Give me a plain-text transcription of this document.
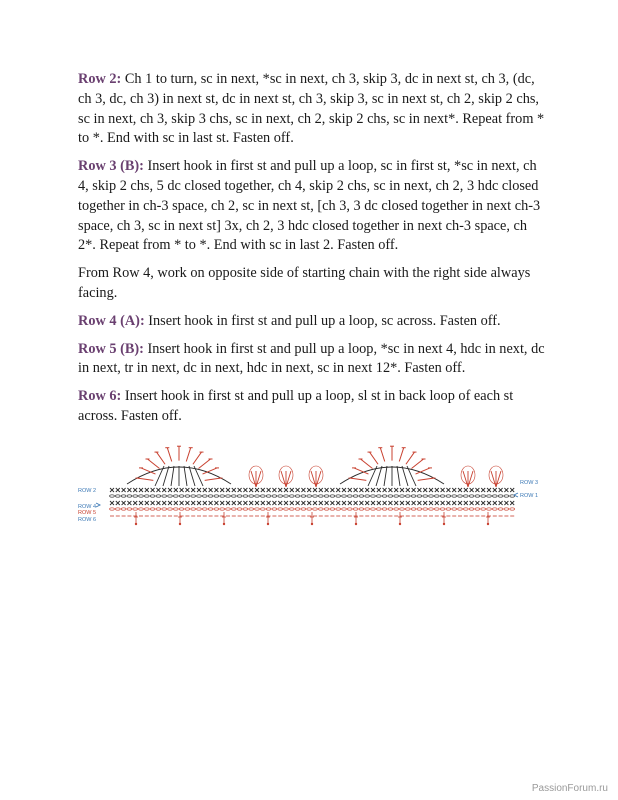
Row 2: Ch 1 to turn, sc in next, *sc in next, ch 3, skip 3, dc in next st, ch 3, (dc, ch 3, dc, ch 3) in next st, dc in next st, ch 3, skip 3, sc in next st, ch 2, skip 2 chs, sc in next, ch 3, skip 3 chs, sc in next, ch 2, skip 2 chs, sc in next*. Repeat from * to *. End with sc in last st. Fasten off.

Row 3 (B): Insert hook in first st and pull up a loop, sc in first st, *sc in next, ch 4, skip 2 chs, 5 dc closed together, ch 4, skip 2 chs, sc in next, ch 2, 3 hdc closed together in ch-3 space, ch 2, sc in next st, [ch 3, 3 dc closed together in next ch-3 space, ch 3, sc in next st] 3x, ch 2, 3 hdc closed together in next ch-3 space, ch 2*. Repeat from * to *. End with sc in last 2. Fasten off.

From Row 4, work on opposite side of starting chain with the right side always facing.

Row 4 (A): Insert hook in first st and pull up a loop, sc across. Fasten off.

Row 5 (B): Insert hook in first st and pull up a loop, *sc in next 4, hdc in next, dc in next, tr in next, dc in next, hdc in next, sc in next 12*. Fasten off.

Row 6: Insert hook in first st and pull up a loop, sl st in back loop of each st across. Fasten off.

ROW 2
ROW 4
ROW 5
ROW 6
ROW 3
ROW 1
PassionForum.ru
